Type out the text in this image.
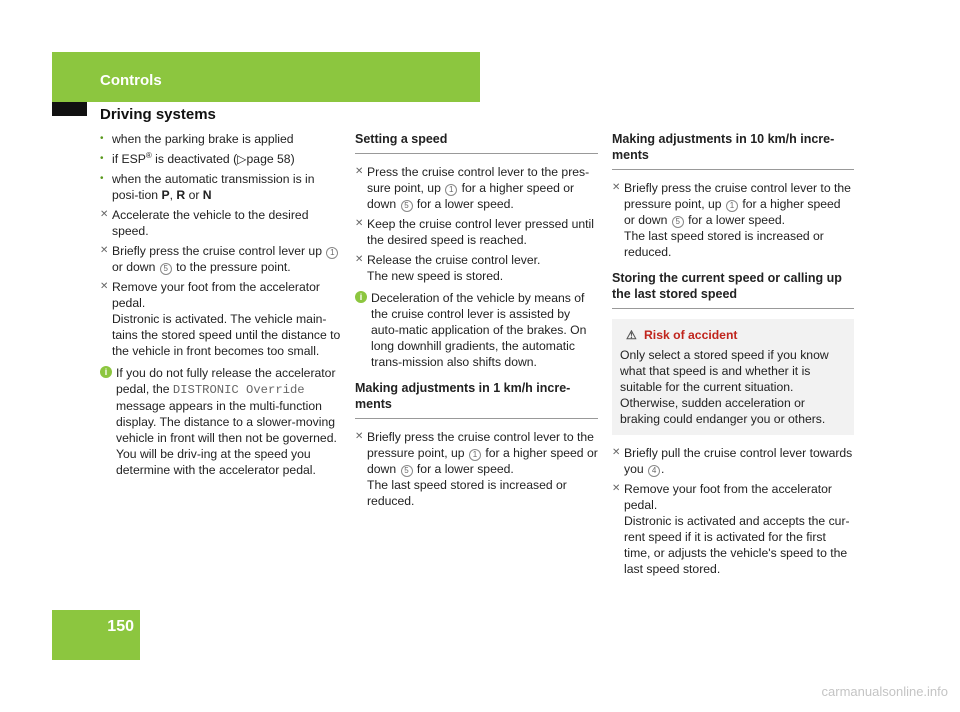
Controls
Driving systems
• when the parking brake is applied
• if ESP® is deactivated (▷page 58)
• when the automatic transmission is in posi-tion P, R or N
✕ Accelerate the vehicle to the desired speed.
✕ Briefly press the cruise control lever up 1 or down 5 to the pressure point.
✕ Remove your foot from the accelerator pedal.
Distronic is activated. The vehicle main-tains the stored speed until the distance to the vehicle in front becomes too small.
i If you do not fully release the accelerator pedal, the DISTRONIC Override message appears in the multi-function display. The distance to a slower-moving vehicle in front will then not be governed. You will be driv-ing at the speed you determine with the accelerator pedal.
Setting a speed
✕ Press the cruise control lever to the pres-sure point, up 1 for a higher speed or down 5 for a lower speed.
✕ Keep the cruise control lever pressed until the desired speed is reached.
✕ Release the cruise control lever.
The new speed is stored.
i Deceleration of the vehicle by means of the cruise control lever is assisted by auto-matic application of the brakes. On long downhill gradients, the automatic trans-mission also shifts down.
Making adjustments in 1 km/h incre-ments
✕ Briefly press the cruise control lever to the pressure point, up 1 for a higher speed or down 5 for a lower speed.
The last speed stored is increased or reduced.
Making adjustments in 10 km/h incre-ments
✕ Briefly press the cruise control lever to the pressure point, up 1 for a higher speed or down 5 for a lower speed.
The last speed stored is increased or reduced.
Storing the current speed or calling up the last stored speed
⚠ Risk of accident
Only select a stored speed if you know what that speed is and whether it is suitable for the current situation. Otherwise, sudden acceleration or braking could endanger you or others.
✕ Briefly pull the cruise control lever towards you 4 .
✕ Remove your foot from the accelerator pedal.
Distronic is activated and accepts the cur-rent speed if it is activated for the first time, or adjusts the vehicle's speed to the last speed stored.
150
carmanualsonline.info
